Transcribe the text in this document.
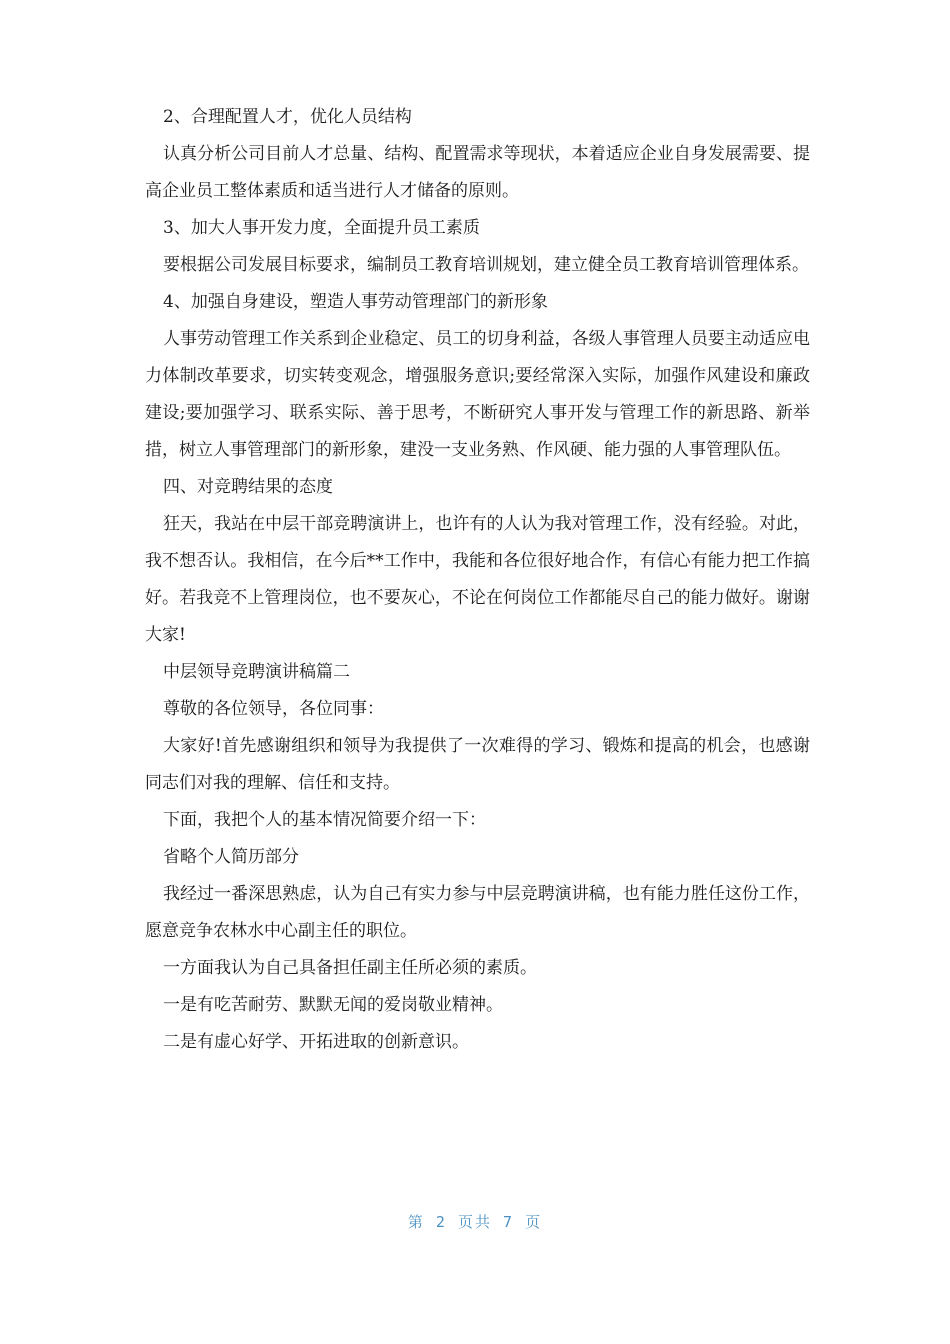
2、合理配置人才，优化人员结构

认真分析公司目前人才总量、结构、配置需求等现状，本着适应企业自身发展需要、提高企业员工整体素质和适当进行人才储备的原则。

3、加大人事开发力度，全面提升员工素质

要根据公司发展目标要求，编制员工教育培训规划，建立健全员工教育培训管理体系。

4、加强自身建设，塑造人事劳动管理部门的新形象

人事劳动管理工作关系到企业稳定、员工的切身利益，各级人事管理人员要主动适应电力体制改革要求，切实转变观念，增强服务意识;要经常深入实际，加强作风建设和廉政建设;要加强学习、联系实际、善于思考，不断研究人事开发与管理工作的新思路、新举措，树立人事管理部门的新形象，建没一支业务熟、作风硬、能力强的人事管理队伍。

四、对竞聘结果的态度

狂天，我站在中层干部竞聘演讲上，也许有的人认为我对管理工作，没有经验。对此，我不想否认。我相信，在今后**工作中，我能和各位很好地合作，有信心有能力把工作搞好。若我竞不上管理岗位，也不要灰心，不论在何岗位工作都能尽自己的能力做好。谢谢大家!

中层领导竞聘演讲稿篇二

尊敬的各位领导，各位同事：

大家好!首先感谢组织和领导为我提供了一次难得的学习、锻炼和提高的机会，也感谢同志们对我的理解、信任和支持。

下面，我把个人的基本情况简要介绍一下：

省略个人简历部分

我经过一番深思熟虑，认为自己有实力参与中层竞聘演讲稿，也有能力胜任这份工作，愿意竞争农林水中心副主任的职位。

一方面我认为自己具备担任副主任所必须的素质。

一是有吃苦耐劳、默默无闻的爱岗敬业精神。

二是有虚心好学、开拓进取的创新意识。

第 2 页共 7 页
